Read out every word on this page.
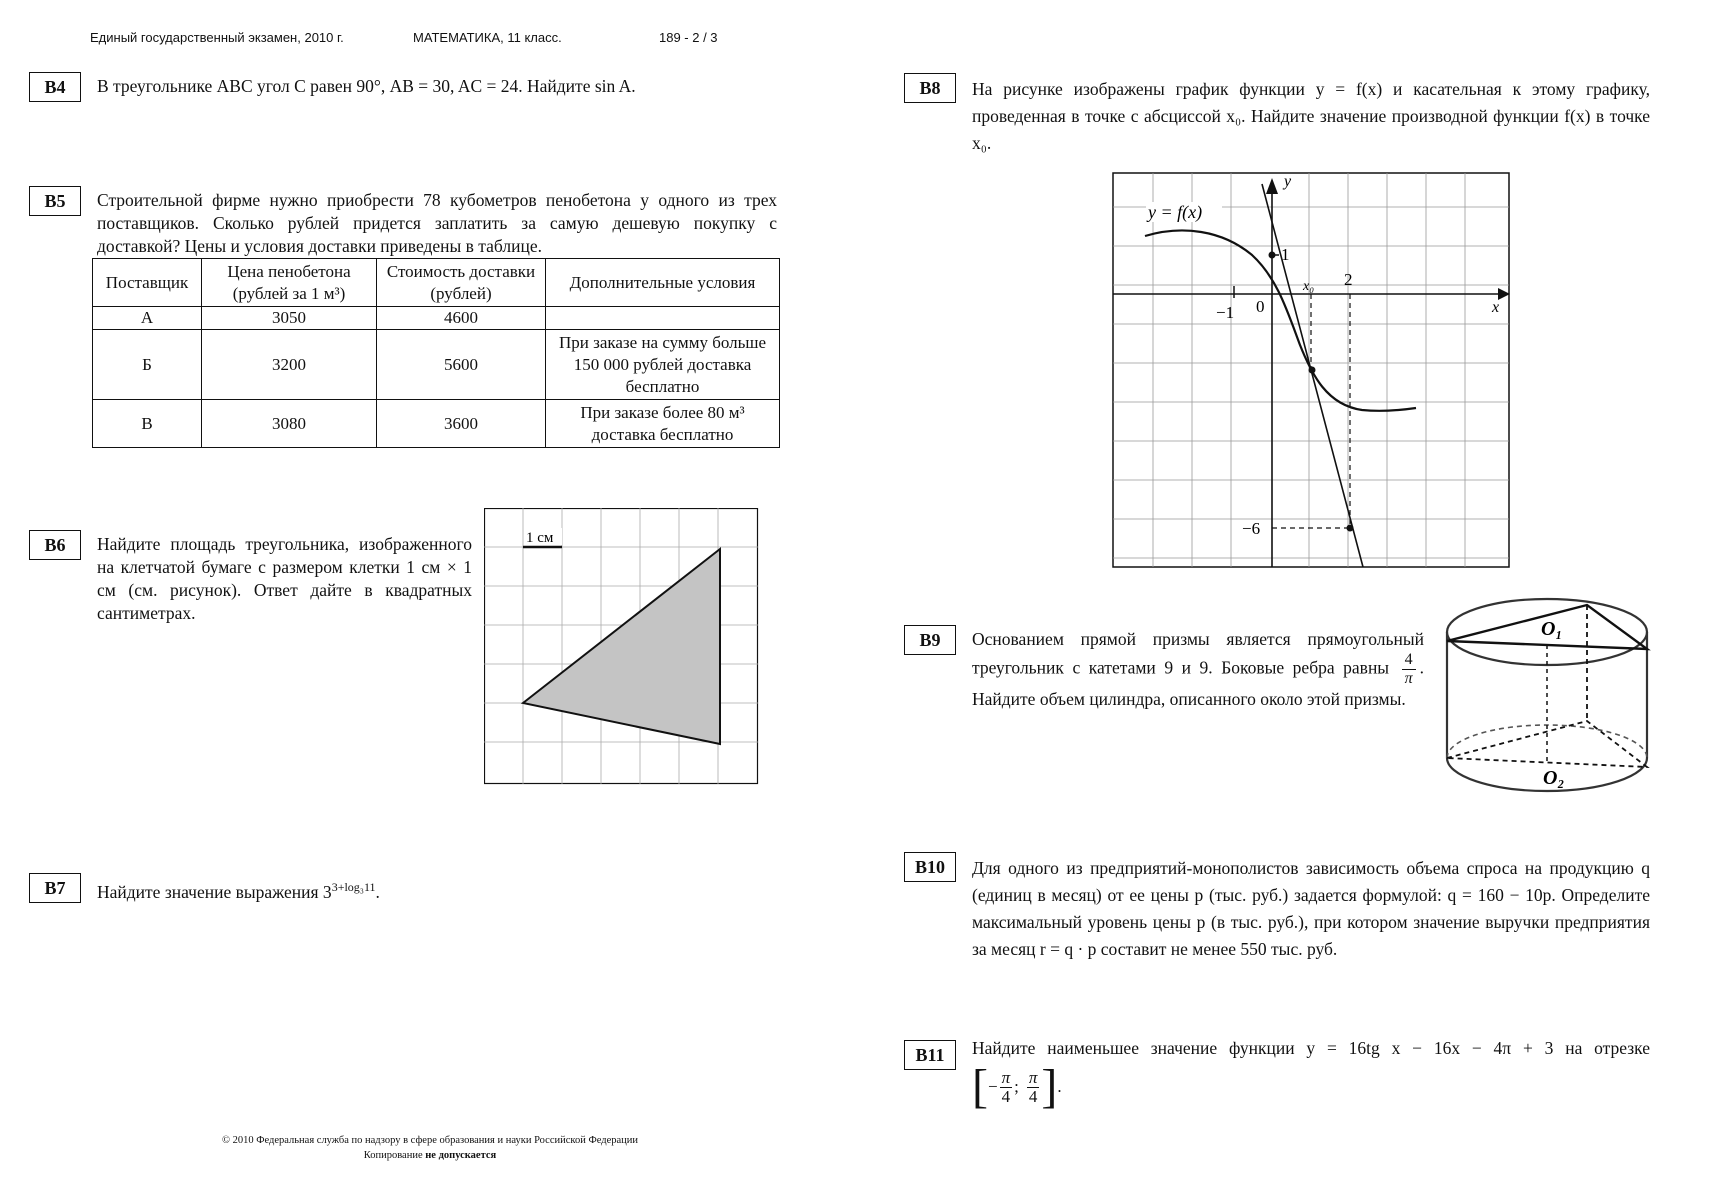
Единый государственный экзамен, 2010 г.	МАТЕМАТИКА, 11 класс.	189 - 2 / 3
B4	В треугольнике ABC угол C равен 90°, AB = 30, AC = 24. Найдите sin A.
B5	Строительной фирме нужно приобрести 78 кубометров пенобетона у одного из трех поставщиков. Сколько рублей придется заплатить за самую дешевую покупку с доставкой? Цены и условия доставки приведены в таблице.
Поставщик	Цена пенобетона (рублей за 1 м³)	Стоимость доставки (рублей)	Дополнительные условия
А	3050	4600	
Б	3200	5600	При заказе на сумму больше 150 000 рублей доставка бесплатно
В	3080	3600	При заказе более 80 м³ доставка бесплатно
B6	Найдите площадь треугольника, изображенного на клетчатой бумаге с размером клетки 1 см × 1 см (см. рисунок). Ответ дайте в квадратных сантиметрах.
1 см
B7	Найдите значение выражения $3^{3+log_311}$.
B8	На рисунке изображены график функции y = f(x) и касательная к этому графику, проведенная в точке с абсциссой x₀. Найдите значение производной функции f(x) в точке x₀.
y = f(x)
y
x
1
−1 0
x₀ 2
−6
B9	Основанием прямой призмы является прямоугольный треугольник с катетами 9 и 9. Боковые ребра равны $\frac{4}{\pi}$ . Найдите объем цилиндра, описанного около этой призмы.
O₁
O₂
B10	Для одного из предприятий-монополистов зависимость объема спроса на продукцию q (единиц в месяц) от ее цены p (тыс. руб.) задается формулой: q = 160 − 10p. Определите максимальный уровень цены p (в тыс. руб.), при котором значение выручки предприятия за месяц r = q · p составит не менее 550 тыс. руб.
B11	Найдите наименьшее значение функции y = 16tg x − 16x − 4π + 3 на отрезке
[ − $\frac{\pi}{4}$ ; $\frac{\pi}{4}$ ] .
© 2010 Федеральная служба по надзору в сфере образования и науки Российской Федерации
Копирование не допускается
